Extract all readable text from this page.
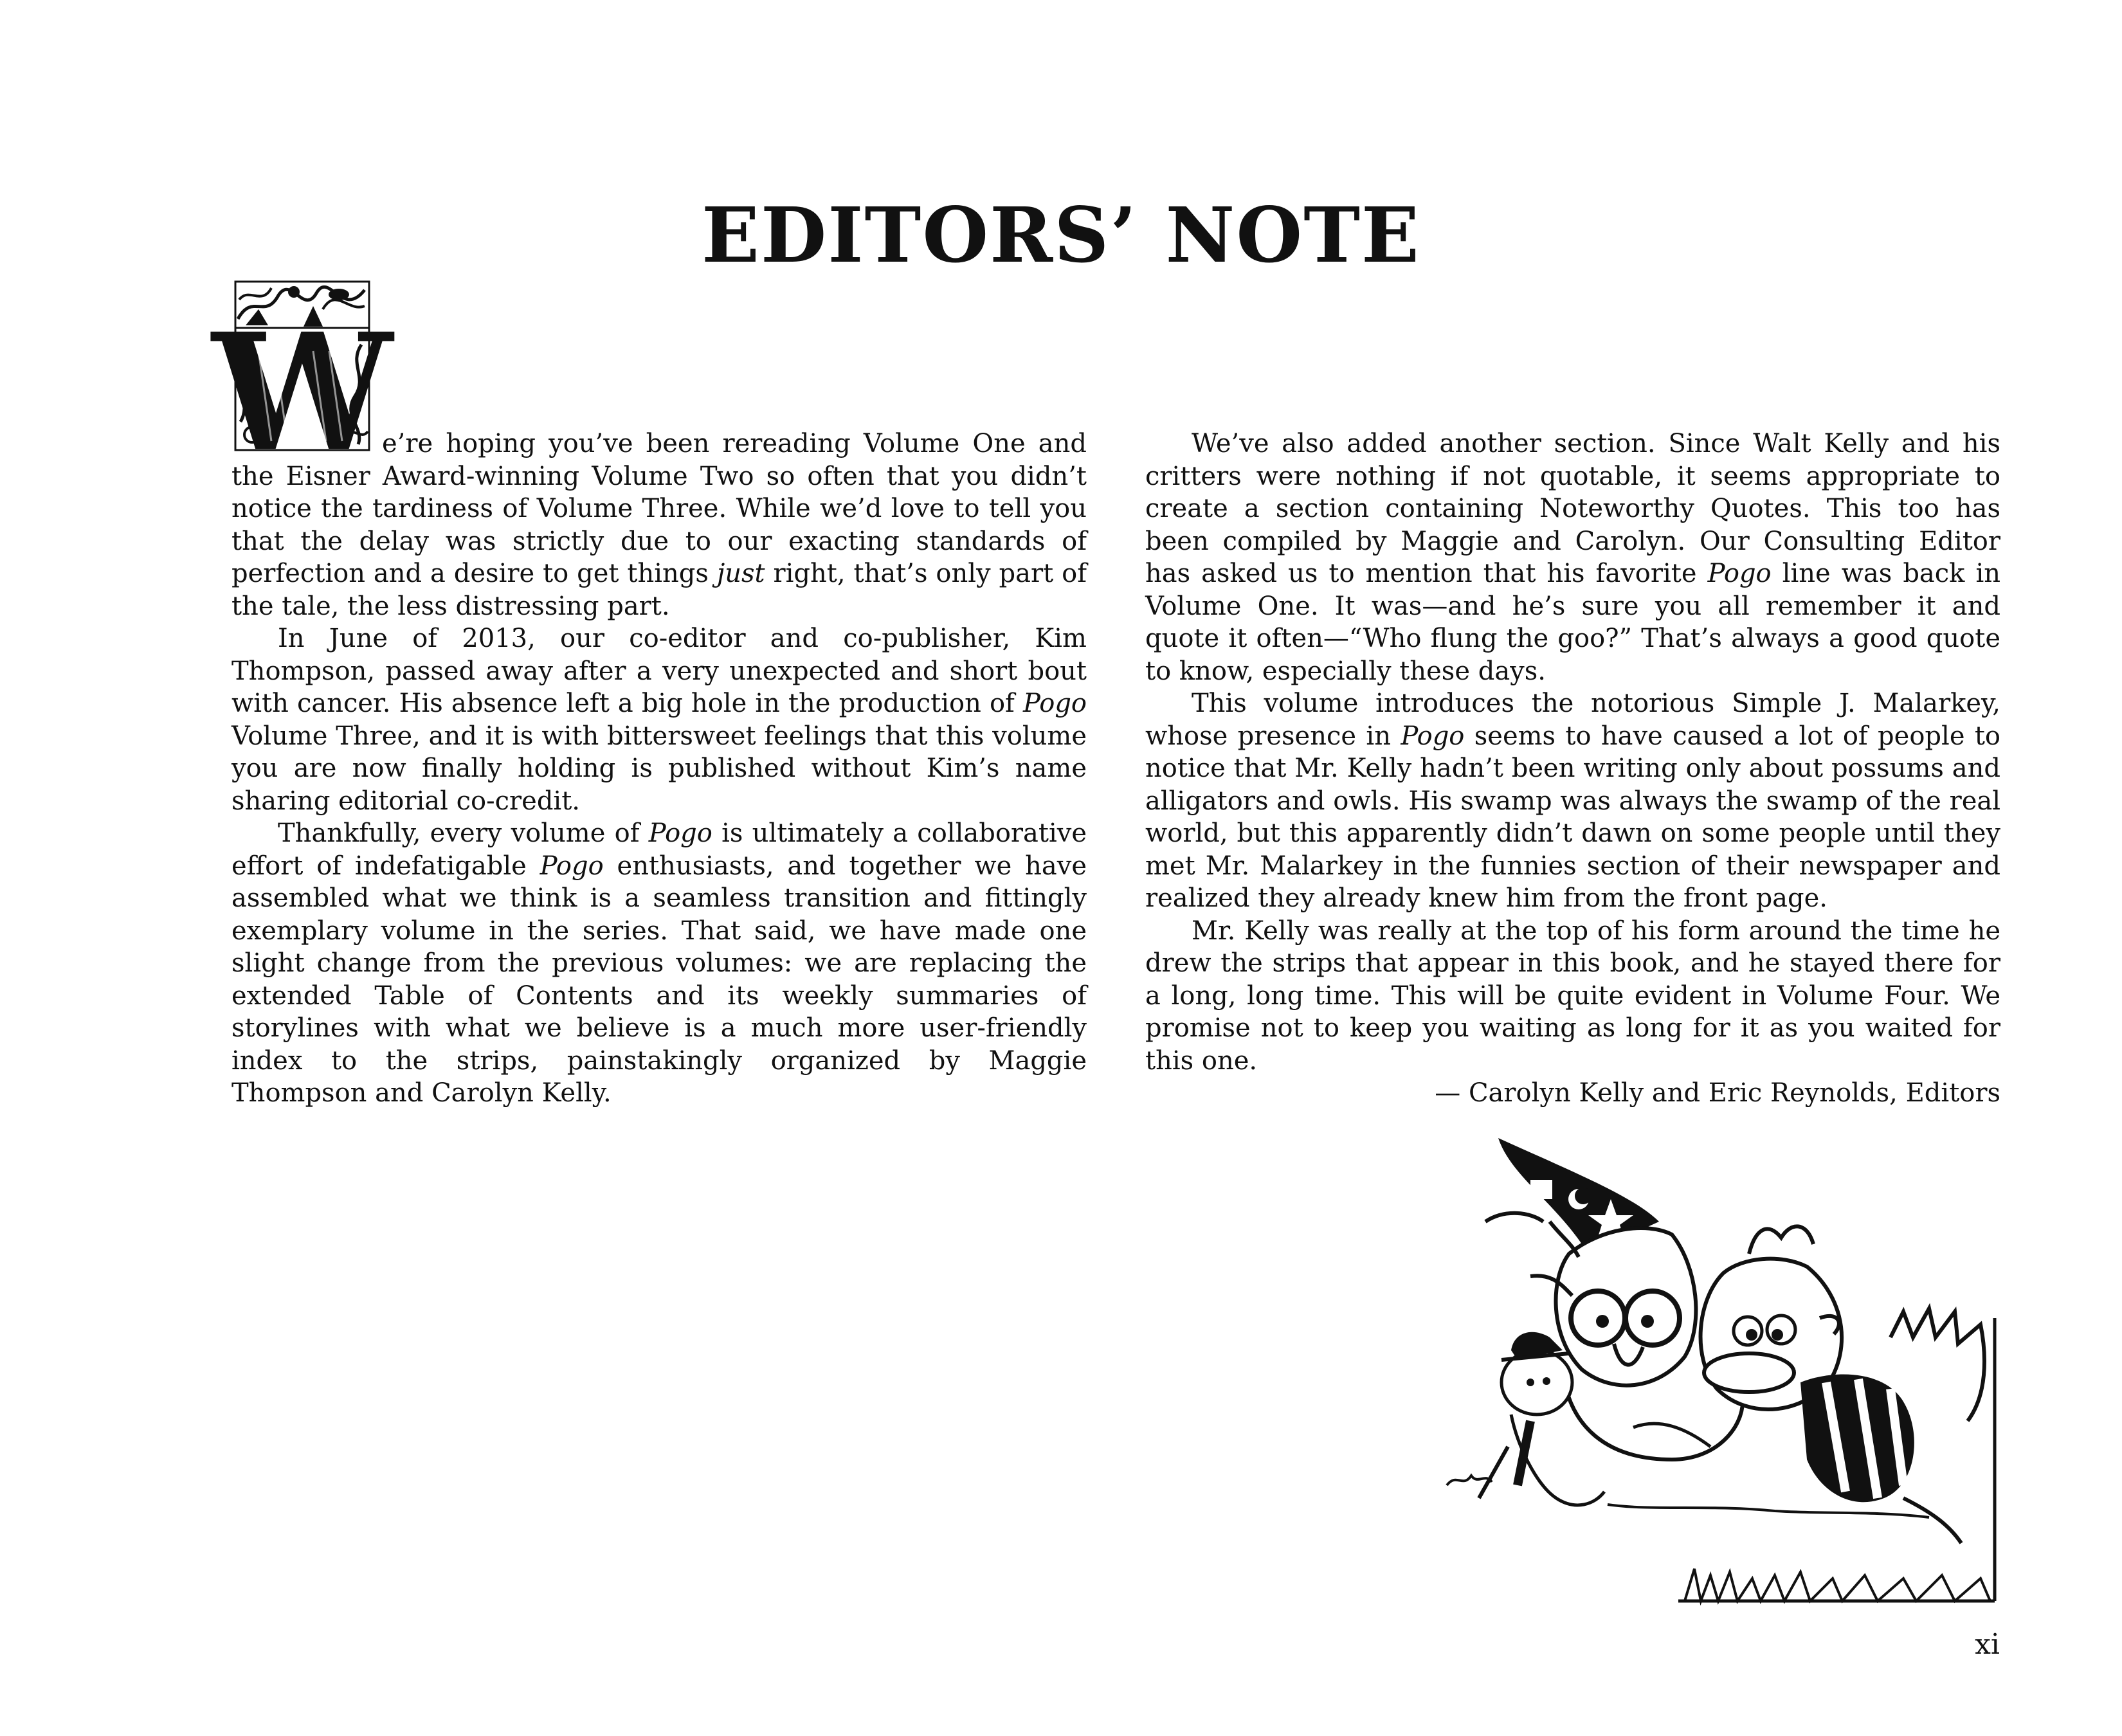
EDITORS’ NOTE
W

e’re hoping you’ve been rereading Volume One and the Eisner Award-winning Volume Two so often that you didn’t notice the tardiness of Volume Three. While we’d love to tell you that the delay was strictly due to our exacting standards of perfection and a desire to get things just right, that’s only part of the tale, the less distressing part.

In June of 2013, our co-editor and co-publisher, Kim Thompson, passed away after a very unexpected and short bout with cancer. His absence left a big hole in the production of Pogo Volume Three, and it is with bittersweet feelings that this volume you are now finally holding is published without Kim’s name sharing editorial co-credit.

Thankfully, every volume of Pogo is ultimately a collaborative effort of indefatigable Pogo enthusiasts, and together we have assembled what we think is a seamless transition and fittingly exemplary volume in the series. That said, we have made one slight change from the previous volumes: we are replacing the extended Table of Contents and its weekly summaries of storylines with what we believe is a much more user-friendly index to the strips, painstakingly organized by Maggie Thompson and Carolyn Kelly.

We’ve also added another section. Since Walt Kelly and his critters were nothing if not quotable, it seems appropriate to create a section containing Noteworthy Quotes. This too has been compiled by Maggie and Carolyn. Our Consulting Editor has asked us to mention that his favorite Pogo line was back in Volume One. It was—and he’s sure you all remember it and quote it often—“Who flung the goo?” That’s always a good quote to know, especially these days.

This volume introduces the notorious Simple J. Malarkey, whose presence in Pogo seems to have caused a lot of people to notice that Mr. Kelly hadn’t been writing only about possums and alligators and owls. His swamp was always the swamp of the real world, but this apparently didn’t dawn on some people until they met Mr. Malarkey in the funnies section of their newspaper and realized they already knew him from the front page.

Mr. Kelly was really at the top of his form around the time he drew the strips that appear in this book, and he stayed there for a long, long time. This will be quite evident in Volume Four. We promise not to keep you waiting as long for it as you waited for this one.

— Carolyn Kelly and Eric Reynolds, Editors

xi
